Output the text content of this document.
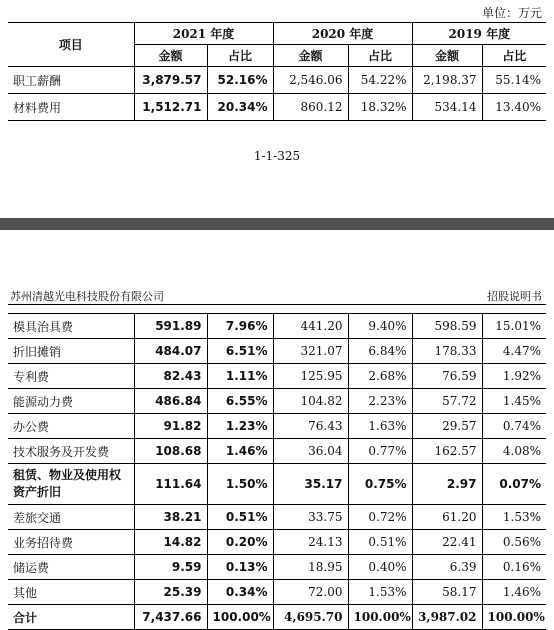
单位：万元
项目	2021 年度		2020 年度		2019 年度	
	金额	占比	金额	占比	金额	占比
职工薪酬	3,879.57	52.16%	2,546.06	54.22%	2,198.37	55.14%
材料费用	1,512.71	20.34%	860.12	18.32%	534.14	13.40%
1-1-325
苏州清越光电科技股份有限公司	招股说明书
模具治具费	591.89	7.96%	441.20	9.40%	598.59	15.01%
折旧摊销	484.07	6.51%	321.07	6.84%	178.33	4.47%
专利费	82.43	1.11%	125.95	2.68%	76.59	1.92%
能源动力费	486.84	6.55%	104.82	2.23%	57.72	1.45%
办公费	91.82	1.23%	76.43	1.63%	29.57	0.74%
技术服务及开发费	108.68	1.46%	36.04	0.77%	162.57	4.08%
租赁、物业及使用权资产折旧	111.64	1.50%	35.17	0.75%	2.97	0.07%
差旅交通	38.21	0.51%	33.75	0.72%	61.20	1.53%
业务招待费	14.82	0.20%	24.13	0.51%	22.41	0.56%
储运费	9.59	0.13%	18.95	0.40%	6.39	0.16%
其他	25.39	0.34%	72.00	1.53%	58.17	1.46%
合计	7,437.66	100.00%	4,695.70	100.00%	3,987.02	100.00%
